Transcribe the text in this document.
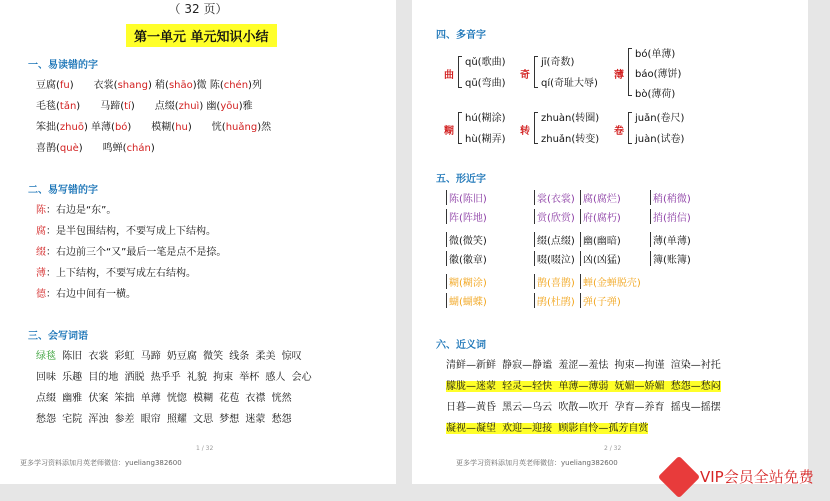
（ 32 页）
第一单元 单元知识小结
一、易读错的字
豆腐(fu)　　衣裳(shang) 稍(shāo)微 陈(chén)列
毛毯(tǎn)　　马蹄(tí)　　点缀(zhuì) 幽(yōu)雅
笨拙(zhuō) 单薄(bó)　　模糊(hu)　　恍(huǎng)然
喜鹊(què)　　鸣蝉(chán)
二、易写错的字
陈：右边是“东”。
腐：是半包围结构，不要写成上下结构。
缀：右边前三个“又”最后一笔是点不是捺。
薄：上下结构，不要写成左右结构。
德：右边中间有一横。
三、会写词语
绿毯 陈旧 衣裳 彩虹 马蹄 奶豆腐 微笑 线条 柔美 惊叹
回味 乐趣 目的地 洒脱 热乎乎 礼貌 拘束 举杯 感人 会心
点缀 幽雅 伏案 笨拙 单薄 恍惚 模糊 花苞 衣襟 恍然
愁怨 宅院 浑浊 参差 眼帘 照耀 文思 梦想 迷蒙 愁怨
1 / 32
更多学习资料添加月英老师微信：yueliang382600
四、多音字
曲
qǔ(歌曲)
qū(弯曲)
奇
jī(奇数)
qí(奇耻大辱)
薄
bó(单薄)
báo(薄饼)
bò(薄荷)
糊
hú(糊涂)
hù(糊弄)
转
zhuàn(转圈)
zhuǎn(转变)
卷
juǎn(卷尺)
juàn(试卷)
五、形近字
陈(陈旧)
阵(阵地)
裳(衣裳)
赏(欣赏)
腐(腐烂)
府(腐朽)
稍(稍微)
捎(捎信)
微(微笑)
徽(徽章)
缀(点缀)
啜(啜泣)
幽(幽暗)
凶(凶猛)
薄(单薄)
簿(账簿)
糊(糊涂)
蝴(蝴蝶)
鹊(喜鹊)
鹃(杜鹃)
蝉(金蝉脱壳)
弹(子弹)
六、近义词
清鲜—新鲜 静寂—静谧 羞涩—羞怯 拘束—拘谨 渲染—衬托
朦胧—迷蒙 轻灵—轻快 单薄—薄弱 妩媚—娇媚 愁怨—愁闷
日暮—黄昏 黑云—乌云 吹散—吹开 孕育—养育 摇曳—摇摆
凝视—凝望 欢迎—迎接 顾影自怜—孤芳自赏
2 / 32
更多学习资料添加月英老师微信：yueliang382600
VIP会员全站免费
